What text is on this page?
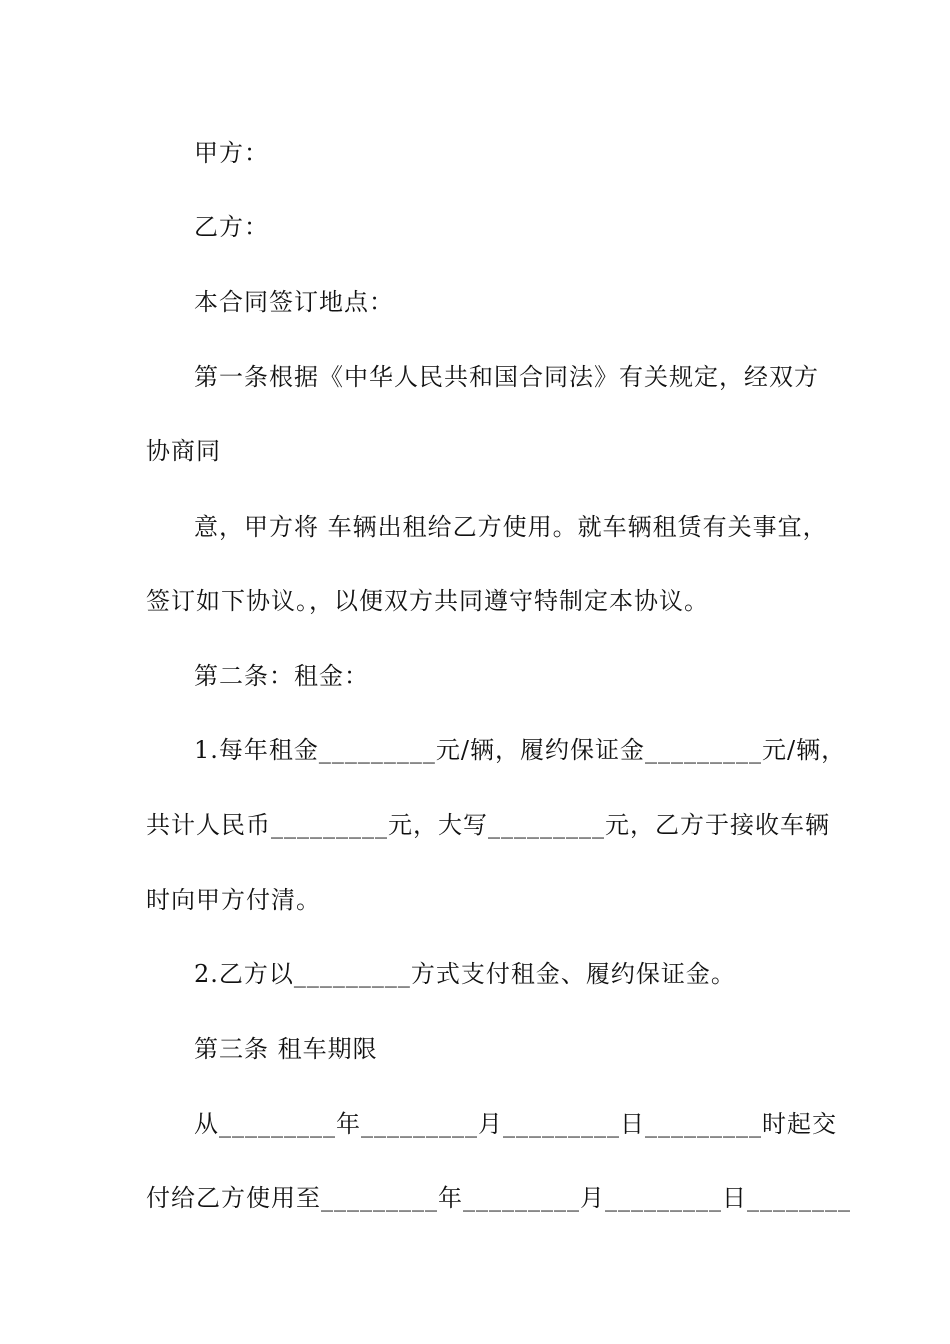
甲方：
乙方：
本合同签订地点：
第一条根据《中华人民共和国合同法》有关规定，经双方
协商同
意，甲方将 车辆出租给乙方使用。就车辆租赁有关事宜，
签订如下协议。，以便双方共同遵守特制定本协议。
第二条：租金：
1.每年租金_________元/辆，履约保证金_________元/辆，
共计人民币_________元，大写_________元，乙方于接收车辆
时向甲方付清。
2.乙方以_________方式支付租金、履约保证金。
第三条 租车期限
从_________年_________月_________日_________时起交
付给乙方使用至_________年_________月_________日________
